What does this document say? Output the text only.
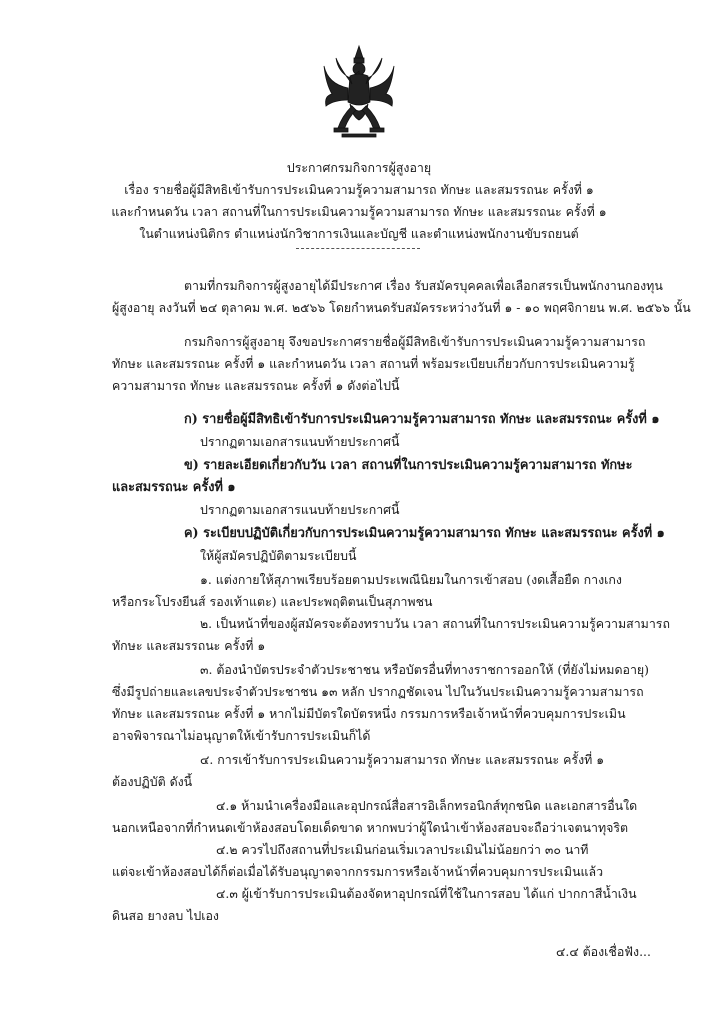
ประกาศกรมกิจการผู้สูงอายุ
เรื่อง รายชื่อผู้มีสิทธิเข้ารับการประเมินความรู้ความสามารถ ทักษะ และสมรรถนะ ครั้งที่ ๑
และกำหนดวัน เวลา สถานที่ในการประเมินความรู้ความสามารถ ทักษะ และสมรรถนะ ครั้งที่ ๑
ในตำแหน่งนิติกร ตำแหน่งนักวิชาการเงินและบัญชี และตำแหน่งพนักงานขับรถยนต์
ตามที่กรมกิจการผู้สูงอายุได้มีประกาศ เรื่อง รับสมัครบุคคลเพื่อเลือกสรรเป็นพนักงานกองทุน
ผู้สูงอายุ ลงวันที่ ๒๔ ตุลาคม พ.ศ. ๒๕๖๖ โดยกำหนดรับสมัครระหว่างวันที่ ๑ - ๑๐ พฤศจิกายน พ.ศ. ๒๕๖๖ นั้น
กรมกิจการผู้สูงอายุ จึงขอประกาศรายชื่อผู้มีสิทธิเข้ารับการประเมินความรู้ความสามารถ
ทักษะ และสมรรถนะ ครั้งที่ ๑ และกำหนดวัน เวลา สถานที่ พร้อมระเบียบเกี่ยวกับการประเมินความรู้
ความสามารถ ทักษะ และสมรรถนะ ครั้งที่ ๑ ดังต่อไปนี้
ก) รายชื่อผู้มีสิทธิเข้ารับการประเมินความรู้ความสามารถ ทักษะ และสมรรถนะ ครั้งที่ ๑
ปรากฏตามเอกสารแนบท้ายประกาศนี้
ข) รายละเอียดเกี่ยวกับวัน เวลา สถานที่ในการประเมินความรู้ความสามารถ ทักษะ
และสมรรถนะ ครั้งที่ ๑
ปรากฏตามเอกสารแนบท้ายประกาศนี้
ค) ระเบียบปฏิบัติเกี่ยวกับการประเมินความรู้ความสามารถ ทักษะ และสมรรถนะ ครั้งที่ ๑
ให้ผู้สมัครปฏิบัติตามระเบียบนี้
๑. แต่งกายให้สุภาพเรียบร้อยตามประเพณีนิยมในการเข้าสอบ (งดเสื้อยืด กางเกง
หรือกระโปรงยีนส์ รองเท้าแตะ) และประพฤติตนเป็นสุภาพชน
๒. เป็นหน้าที่ของผู้สมัครจะต้องทราบวัน เวลา สถานที่ในการประเมินความรู้ความสามารถ
ทักษะ และสมรรถนะ ครั้งที่ ๑
๓. ต้องนำบัตรประจำตัวประชาชน หรือบัตรอื่นที่ทางราชการออกให้ (ที่ยังไม่หมดอายุ)
ซึ่งมีรูปถ่ายและเลขประจำตัวประชาชน ๑๓ หลัก ปรากฏชัดเจน ไปในวันประเมินความรู้ความสามารถ
ทักษะ และสมรรถนะ ครั้งที่ ๑ หากไม่มีบัตรใดบัตรหนึ่ง กรรมการหรือเจ้าหน้าที่ควบคุมการประเมิน
อาจพิจารณาไม่อนุญาตให้เข้ารับการประเมินก็ได้
๔. การเข้ารับการประเมินความรู้ความสามารถ ทักษะ และสมรรถนะ ครั้งที่ ๑
ต้องปฏิบัติ ดังนี้
๔.๑ ห้ามนำเครื่องมือและอุปกรณ์สื่อสารอิเล็กทรอนิกส์ทุกชนิด และเอกสารอื่นใด
นอกเหนือจากที่กำหนดเข้าห้องสอบโดยเด็ดขาด หากพบว่าผู้ใดนำเข้าห้องสอบจะถือว่าเจตนาทุจริต
๔.๒ ควรไปถึงสถานที่ประเมินก่อนเริ่มเวลาประเมินไม่น้อยกว่า ๓๐ นาที
แต่จะเข้าห้องสอบได้ก็ต่อเมื่อได้รับอนุญาตจากกรรมการหรือเจ้าหน้าที่ควบคุมการประเมินแล้ว
๔.๓ ผู้เข้ารับการประเมินต้องจัดหาอุปกรณ์ที่ใช้ในการสอบ ได้แก่ ปากกาสีน้ำเงิน
ดินสอ ยางลบ ไปเอง
๔.๔ ต้องเชื่อฟัง...
